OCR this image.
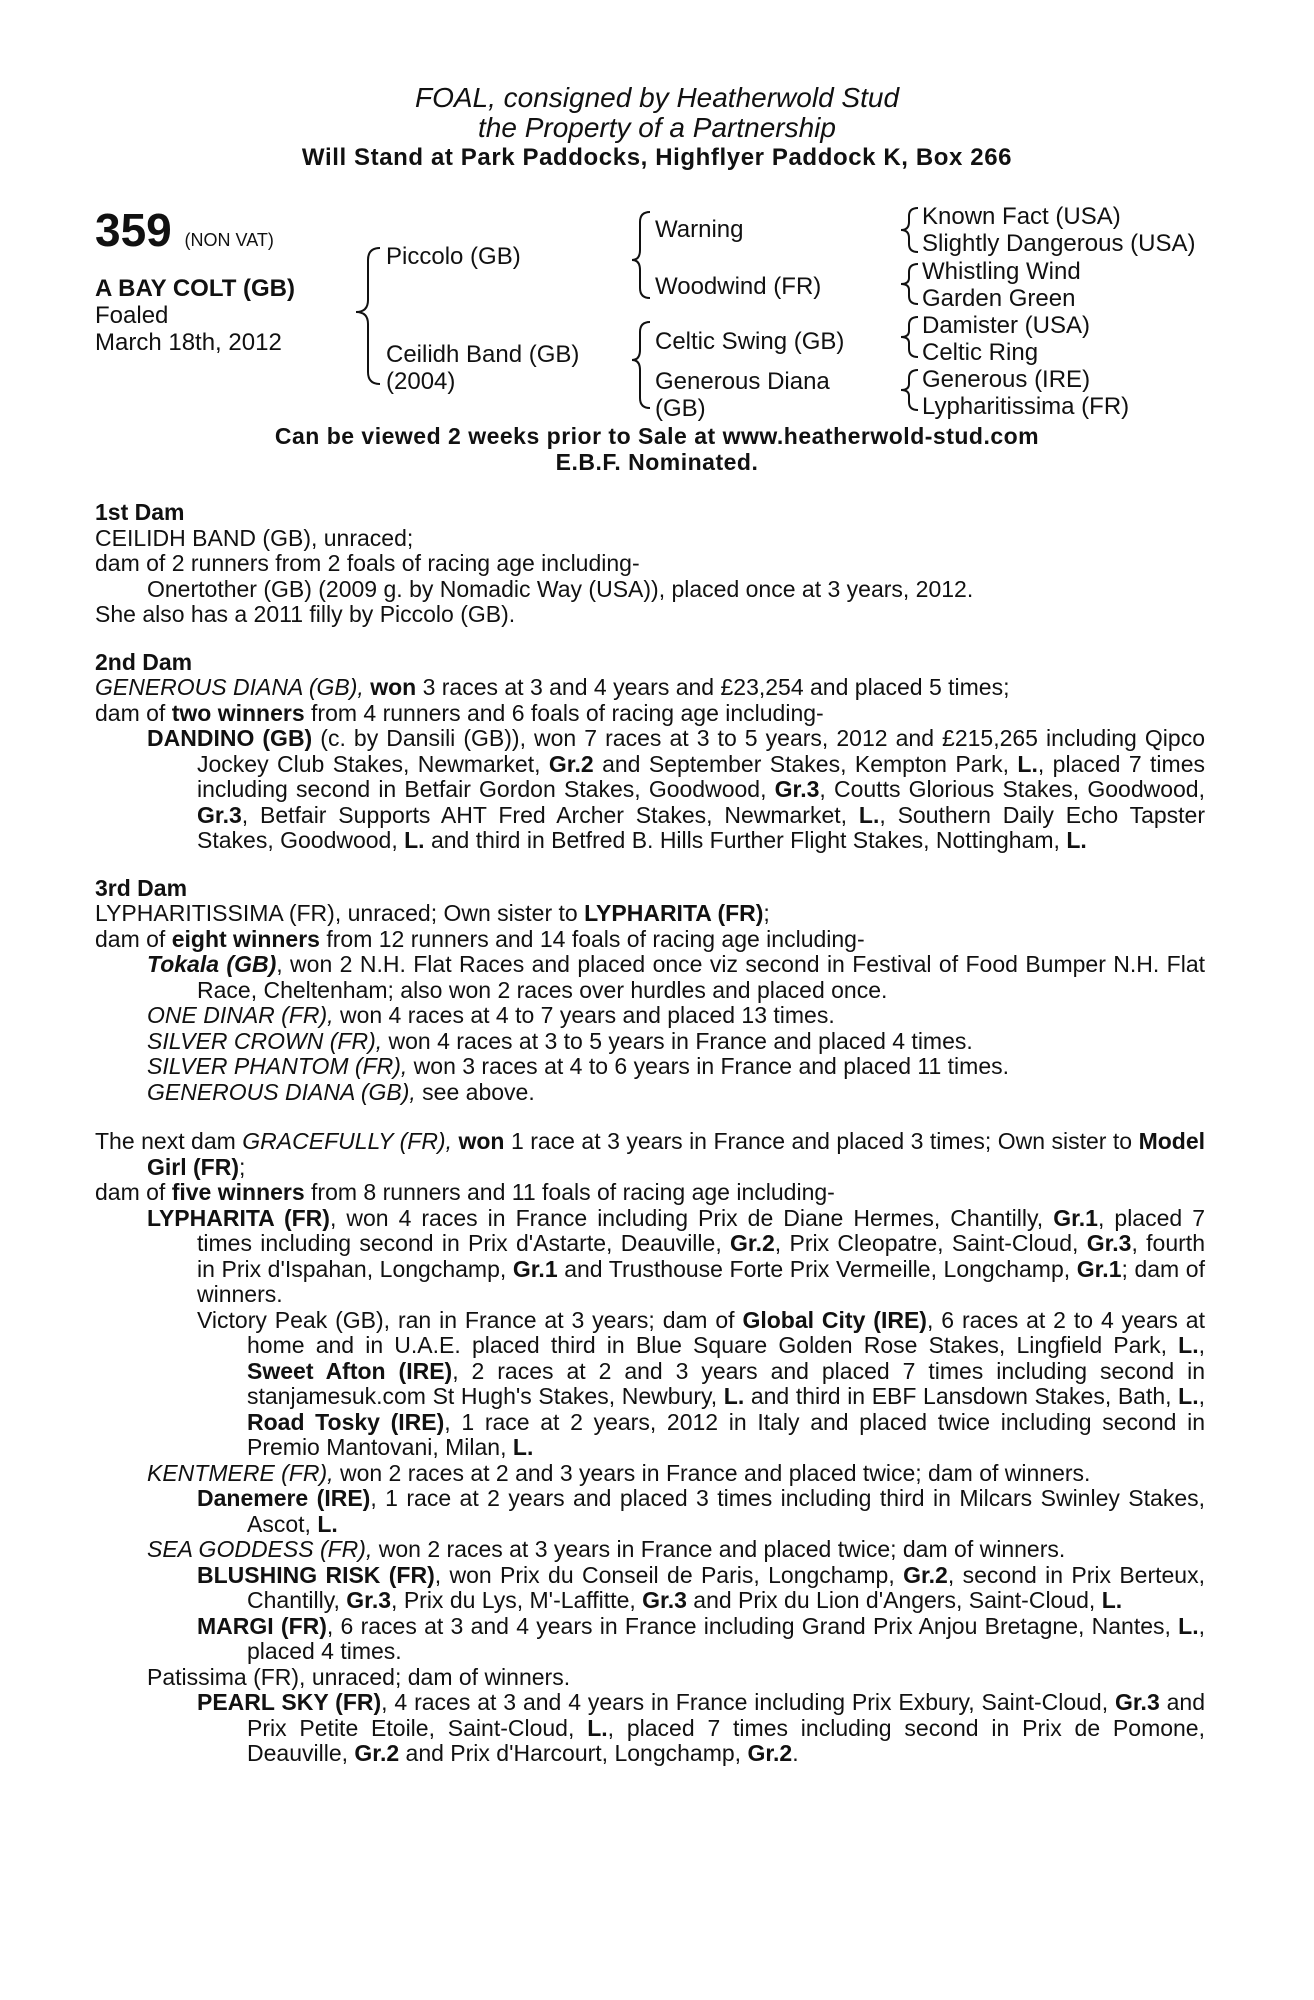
FOAL, consigned by Heatherwold Stud
the Property of a Partnership
Will Stand at Park Paddocks, Highflyer Paddock K, Box 266
359 (NON VAT)
A BAY COLT (GB)
Foaled
March 18th, 2012
Piccolo (GB)
Ceilidh Band (GB)
(2004)
Warning
Woodwind (FR)
Celtic Swing (GB)
Generous Diana
(GB)
Known Fact (USA)
Slightly Dangerous (USA)
Whistling Wind
Garden Green
Damister (USA)
Celtic Ring
Generous (IRE)
Lypharitissima (FR)
Can be viewed 2 weeks prior to Sale at www.heatherwold-stud.com
E.B.F. Nominated.
1st Dam
CEILIDH BAND (GB), unraced;
dam of 2 runners from 2 foals of racing age including-
Onertother (GB) (2009 g. by Nomadic Way (USA)), placed once at 3 years, 2012.
She also has a 2011 filly by Piccolo (GB).
2nd Dam
GENEROUS DIANA (GB), won 3 races at 3 and 4 years and £23,254 and placed 5 times;
dam of two winners from 4 runners and 6 foals of racing age including-
DANDINO (GB) (c. by Dansili (GB)), won 7 races at 3 to 5 years, 2012 and £215,265 including Qipco Jockey Club Stakes, Newmarket, Gr.2 and September Stakes, Kempton Park, L., placed 7 times including second in Betfair Gordon Stakes, Goodwood, Gr.3, Coutts Glorious Stakes, Goodwood, Gr.3, Betfair Supports AHT Fred Archer Stakes, Newmarket, L., Southern Daily Echo Tapster Stakes, Goodwood, L. and third in Betfred B. Hills Further Flight Stakes, Nottingham, L.
3rd Dam
LYPHARITISSIMA (FR), unraced; Own sister to LYPHARITA (FR);
dam of eight winners from 12 runners and 14 foals of racing age including-
Tokala (GB), won 2 N.H. Flat Races and placed once viz second in Festival of Food Bumper N.H. Flat Race, Cheltenham; also won 2 races over hurdles and placed once.
ONE DINAR (FR), won 4 races at 4 to 7 years and placed 13 times.
SILVER CROWN (FR), won 4 races at 3 to 5 years in France and placed 4 times.
SILVER PHANTOM (FR), won 3 races at 4 to 6 years in France and placed 11 times.
GENEROUS DIANA (GB), see above.
The next dam GRACEFULLY (FR), won 1 race at 3 years in France and placed 3 times; Own sister to Model Girl (FR);
dam of five winners from 8 runners and 11 foals of racing age including-
LYPHARITA (FR), won 4 races in France including Prix de Diane Hermes, Chantilly, Gr.1, placed 7 times including second in Prix d'Astarte, Deauville, Gr.2, Prix Cleopatre, Saint-Cloud, Gr.3, fourth in Prix d'Ispahan, Longchamp, Gr.1 and Trusthouse Forte Prix Vermeille, Longchamp, Gr.1; dam of winners.
Victory Peak (GB), ran in France at 3 years; dam of Global City (IRE), 6 races at 2 to 4 years at home and in U.A.E. placed third in Blue Square Golden Rose Stakes, Lingfield Park, L., Sweet Afton (IRE), 2 races at 2 and 3 years and placed 7 times including second in stanjamesuk.com St Hugh's Stakes, Newbury, L. and third in EBF Lansdown Stakes, Bath, L., Road Tosky (IRE), 1 race at 2 years, 2012 in Italy and placed twice including second in Premio Mantovani, Milan, L.
KENTMERE (FR), won 2 races at 2 and 3 years in France and placed twice; dam of winners.
Danemere (IRE), 1 race at 2 years and placed 3 times including third in Milcars Swinley Stakes, Ascot, L.
SEA GODDESS (FR), won 2 races at 3 years in France and placed twice; dam of winners.
BLUSHING RISK (FR), won Prix du Conseil de Paris, Longchamp, Gr.2, second in Prix Berteux, Chantilly, Gr.3, Prix du Lys, M'-Laffitte, Gr.3 and Prix du Lion d'Angers, Saint-Cloud, L.
MARGI (FR), 6 races at 3 and 4 years in France including Grand Prix Anjou Bretagne, Nantes, L., placed 4 times.
Patissima (FR), unraced; dam of winners.
PEARL SKY (FR), 4 races at 3 and 4 years in France including Prix Exbury, Saint-Cloud, Gr.3 and Prix Petite Etoile, Saint-Cloud, L., placed 7 times including second in Prix de Pomone, Deauville, Gr.2 and Prix d'Harcourt, Longchamp, Gr.2.
